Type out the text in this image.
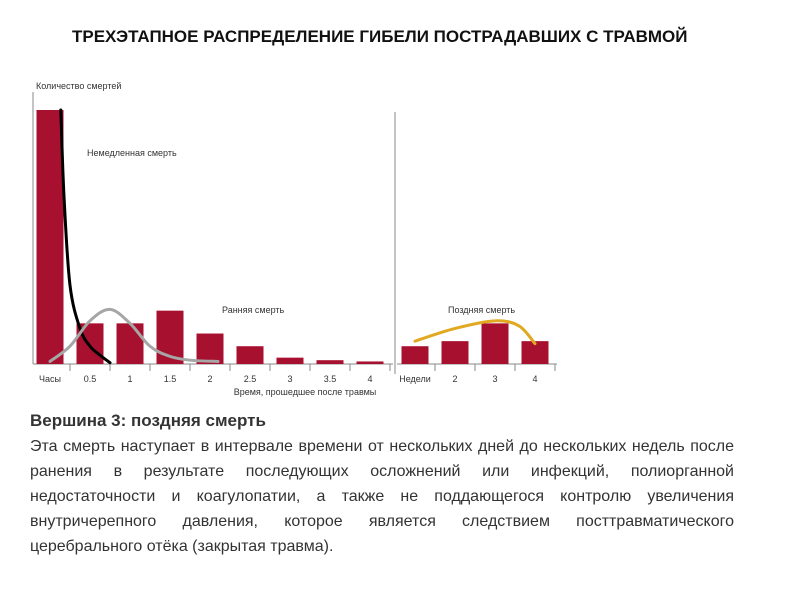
ТРЕХЭТАПНОЕ РАСПРЕДЕЛЕНИЕ ГИБЕЛИ ПОСТРАДАВШИХ С ТРАВМОЙ
Количество смертей
Часы	0.5	1	1.5	2	2.5	3	3.5	4	Недели 2	3	4
Время, прошедшее после травмы
Немедленная смерть
Ранняя смерть	Поздняя смерть
Вершина 3: поздняя смерть

Эта смерть наступает в интервале времени от нескольких дней до нескольких недель после ранения в результате последующих осложнений или инфекций, полиорганной недостаточности и коагулопатии, а также не поддающегося контролю увеличения внутричерепного давления, которое является следствием посттравматического церебрального отёка (закрытая травма).
